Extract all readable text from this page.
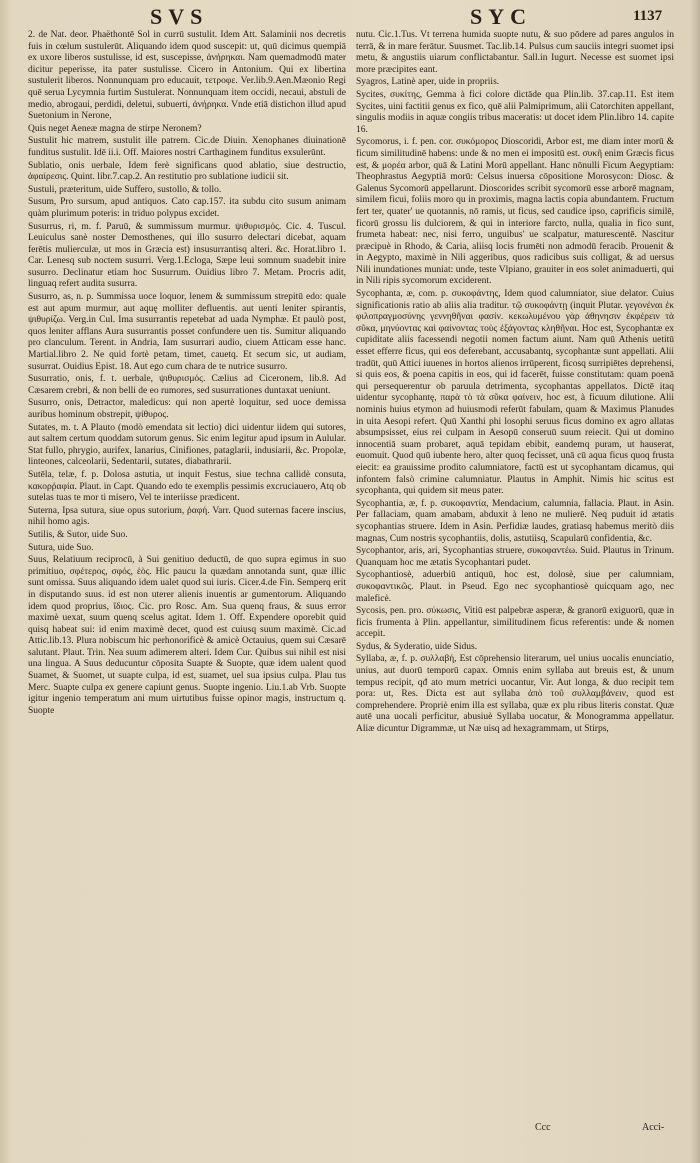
SVS	SYC	1137

2. de Nat. deor. Phaëthontē Sol in currū sustulit. Idem Att. Salaminii nos decretis fuis in cœlum sustulerūt. Aliquando idem quod suscepit: ut, quū dicimus quempiā ex uxore liberos sustulisse, id est, suscepisse, ἀνήρηκαι. Nam quemadmodū mater dicitur peperisse, ita pater sustulisse. Cicero in Antonium. Qui ex libertina sustulerit liberos. Nonnunquam pro educauit, τετροφε. Ver.lib.9.Aen.Mæonio Regi quē serua Lycymnia furtim Sustulerat. Nonnunquam item occidi, necaui, abstuli de medio, abrogaui, perdidi, deletui, subuerti, ἀνήρηκα. Vnde etiā distichon illud apud Suetonium in Nerone,

Quis neget Aeneæ magna de stirpe Neronem?

Sustulit hic matrem, sustulit ille patrem. Cic.de Diuin. Xenophanes diuinationē funditus sustulit. Idē ii.i. Off. Maiores nostri Carthaginem funditus exsulerūnt.

Sublatio, onis uerbale, Idem ferè significans quod ablatio, siue destructio, ἀφαίρεσις. Quint. libr.7.cap.2. An restitutio pro sublatione iudicii sit.

Sustuli, præteritum, uide Suffero, sustollo, & tollo.

Susum, Pro sursum, apud antiquos. Cato cap.157. ita subdu cito susum animam quàm plurimum poteris: in triduo polypus excidet.

Susurrus, ri, m. f. Paruū, & summissum murmur. ψιθυρισμός. Cic. 4. Tuscul. Leuiculus sanè noster Demosthenes, qui illo susurro delectari dicebat, aquam ferētis mulierculæ, ut mos in Græcia est) insusurrantisq alteri. &c. Horat.libro 1. Car. Lenesq sub noctem susurri. Verg.1.Ecloga, Sæpe leui somnum suadebit inire susurro. Declinatur etiam hoc Susurrum. Ouidius libro 7. Metam. Procris adit, linguaq refert audita susurra.

Susurro, as, n. p. Summissa uoce loquor, lenem & summissum strepitū edo: quale est aut apum murmur, aut aquę molliter defluentis. aut uenti leniter spirantis, ψιθυρίζω. Verg.in Cul. Ima susurrantis repetebat ad uada Nymphæ. Et paulò post, quos leniter afflans Aura susurrantis posset confundere uen tis. Sumitur aliquando pro clanculum. Terent. in Andria, Iam susurrari audio, ciuem Atticam esse hanc. Martial.libro 2. Ne quid fortè petam, timet, cauetq. Et secum sic, ut audiam, susurrat. Ouidius Epist. 18. Aut ego cum chara de te nutrice susurro.

Susurratio, onis, f. t. uerbale, ψιθυρισμός. Cælius ad Ciceronem, lib.8. Ad Cæsarem crebri, & non belli de eo rumores, sed susurrationes duntaxat ueniunt.

Susurro, onis, Detractor, maledicus: qui non apertè loquitur, sed uoce demissa auribus hominum obstrepit, ψίθυρος.

Sutates, m. t. A Plauto (modò emendata sit lectio) dici uidentur iidem qui sutores, aut saltem certum quoddam sutorum genus. Sic enim legitur apud ipsum in Aulular. Stat fullo, phrygio, aurifex, lanarius, Cinifiones, pataglarii, indusiarii, &c. Propolæ, linteones, calceolarii, Sedentarii, sutates, diabathrarii.

Sutēla, telæ, f. p. Dolosa astutia, ut inquit Festus, siue techna callidè consuta, κακορῤαφία. Plaut. in Capt. Quando edo te exemplis pessimis excruciauero, Atq ob sutelas tuas te mor ti misero, Vel te interiisse prædicent.

Suterna, Ipsa sutura, siue opus sutorium, ῥαφή. Varr. Quod suternas facere inscius, nihil homo agis.

Sutilis, & Sutor, uide Suo.

Sutura, uide Suo.

Suus, Relatiuum reciprocū, à Sui genitiuo deductū, de quo supra egimus in suo primitiuo, σφέτερος, σφός, ἑὸς. Hic paucu la quædam annotanda sunt, quæ illic sunt omissa. Suus aliquando idem ualet quod sui iuris. Cicer.4.de Fin. Semperq erit in disputando suus. id est non uterer alienis inuentis ar gumentorum. Aliquando idem quod proprius, ἴδιος. Cic. pro Rosc. Am. Sua quenq fraus, & suus error maximè uexat, suum quenq scelus agitat. Idem 1. Off. Expendere oporebit quid quisq habeat sui: id enim maximè decet, quod est cuiusq suum maximè. Cic.ad Attic.lib.13. Plura nobiscum hic perhonorificè & amicè Octauius, quem sui Cæsarē salutant. Plaut. Trin. Nea suum adimerem alteri. Idem Cur. Quibus sui nihil est nisi una lingua. A Suus deducuntur cōposita Suapte & Suopte, quæ idem ualent quod Suamet, & Suomet, ut suapte culpa, id est, suamet, uel sua ipsius culpa. Plau tus Merc. Suapte culpa ex genere capiunt genus. Suopte ingenio. Liu.1.ab Vrb. Suopte igitur ingenio temperatum ani mum uirtutibus fuisse opinor magis, instructum q. Suopte

nutu. Cic.1.Tus. Vt terrena humida suopte nutu, & suo pōdere ad pares angulos in terrā, & in mare ferātur. Suusmet. Tac.lib.14. Pulsus cum sauciis integri suomet ipsi metu, & angustiis uiarum conflictabantur. Sall.in Iugurt. Necesse est suomet ipsi more præcipites eant.

Syagros, Latinè aper, uide in propriis.

Sycites, συκίτης, Gemma à fici colore dictāde qua Plin.lib. 37.cap.11. Est item Sycites, uini factitii genus ex fico, quē alii Palmiprimum, alii Catorchiten appellant, singulis modiis in aquæ congiis tribus maceratis: ut docet idem Plin.libro 14. capite 16.

Sycomorus, i. f. pen. cor. συκόμορος Dioscoridi, Arbor est, me diam inter morū & ficum similitudinē habens: unde & no men ei impositū est. συκῆ enim Græcis ficus est, & μορέα arbor, quā & Latini Morū appellant. Hanc nōnulli Ficum Aegyptiam: Theophrastus Aegyptiā morū: Celsus inuersa cōpositione Morosycon: Diosc. & Galenus Sycomorū appellarunt. Dioscorides scribit sycomorū esse arborē magnam, similem ficui, foliis moro qu in proximis, magna lactis copia abundantem. Fructum fert ter, quater' ue quotannis, nō ramis, ut ficus, sed caudice ipso, caprificis similē, ficorū grossu lis dulciorem, & qui in interiore farcto, nulla, qualia in fico sunt, frumeta habeat: nec, nisi ferro, unguibus' ue scalpatur, maturescentē. Nascitur præcipuè in Rhodo, & Caria, aliisq locis frumēti non admodū feracib. Prouenit & in Aegypto, maximè in Nili aggeribus, quos radicibus suis colligat, & ad uersus Nili inundationes muniat: unde, teste Vlpiano, grauiter in eos solet animaduerti, qui in Nili ripis sycomorum exciderent.

Sycophanta, æ, com. p. συκοφάντης, Idem quod calumniator, siue delator. Cuius significationis ratio ab aliis alia traditur. τῷ συκοφάντῃ (inquit Plutar. γεγονέναι ἐκ φιλοπραγμοσύνης γεννηθῆναι φασίν. κεκωλυμένου γὰρ ἀθηνησιν ἐκφέρειν τὰ σῦκα, μηνύοντας καὶ φαίνοντας τοὺς ἐξάγοντας κληθῆναι. Hoc est, Sycophantæ ex cupiditate aliis facessendi negotii nomen factum aiunt. Nam quū Athenis uetitū esset efferre ficus, qui eos deferebant, accusabantq, sycophantæ sunt appellati. Alii tradūt, quū Attici iuuenes in hortos alienos irrūperent, ficosq surripiētes deprehensi, si quis eos, & poena capitis in eos, qui id facerēt, fuisse constitutam: quam poenā qui persequerentur ob paruula detrimenta, sycophantas appellatos. Dictē itaq uidentur sycophantę, παρὰ τὸ τὰ σῦκα φαίνειν, hoc est, à ficuum dilutione. Alii nominis huius etymon ad huiusmodi referūt fabulam, quam & Maximus Planudes in uita Aesopi refert. Quū Xanthi phi losophi seruus ficus domino ex agro allatas absumpsisset, eius rei culpam in Aesopū conseruū suum reiecit. Qui ut domino innocentiā suam probaret, aquā tepidam ebibit, eandemq puram, ut hauserat, euomuit. Quod quū iubente hero, alter quoq fecisset, unā cū aqua ficus quoq frusta eiecit: ea grauissime prodito calumniatore, factū est ut sycophantam dicamus, qui infontem falsò crimine calumniatur. Plautus in Amphit. Nimis hic scitus est sycophanta, qui quidem sit meus pater.

Sycophantia, æ, f. p. συκοφαντία, Mendacium, calumnia, fallacia. Plaut. in Asin. Per fallaciam, quam amabam, abduxit à leno ne mulierē. Neq puduit id ætatis sycophantias struere. Idem in Asin. Perfidiæ laudes, gratiasq habemus meritò diis magnas, Cum nostris sycophantiis, dolis, astutiisq, Scapularū confidentia, &c.

Sycophantor, aris, ari, Sycophantias struere, συκοφαντέω. Suid. Plautus in Trinum. Quanquam hoc me ætatis Sycophantari pudet.

Sycophantiosè, aduerbiū antiquū, hoc est, dolosè, siue per calumniam, συκοφαντικῶς. Plaut. in Pseud. Ego nec sycophantiosè quicquam ago, nec maleficè.

Sycosis, pen. pro. σύκωσις, Vitiū est palpebræ asperæ, & granorū exiguorū, quæ in ficis frumenta à Plin. appellantur, similitudinem ficus referentis: unde & nomen accepit.

Sydus, & Syderatio, uide Sidus.

Syllaba, æ, f. p. συλλαβή, Est cōprehensio literarum, uel unius uocalis enunciatio, unius, aut duorū temporū capax. Omnis enim syllaba aut breuis est, & unum tempus recipit, qđ ato mum metrici uocantur, Vir. Aut longa, & duo recipit tem pora: ut, Res. Dicta est aut syllaba ἀπὸ τοῦ συλλαμβάνειν, quod est comprehendere. Propriè enim illa est syllaba, quæ ex plu ribus literis constat. Quæ autē una uocali perficitur, abusiuè Syllaba uocatur, & Monogramma appellatur. Aliæ dicuntur Digrammæ, ut Næ uisq ad hexagrammam, ut Stirps,

Ccc	Acci-
